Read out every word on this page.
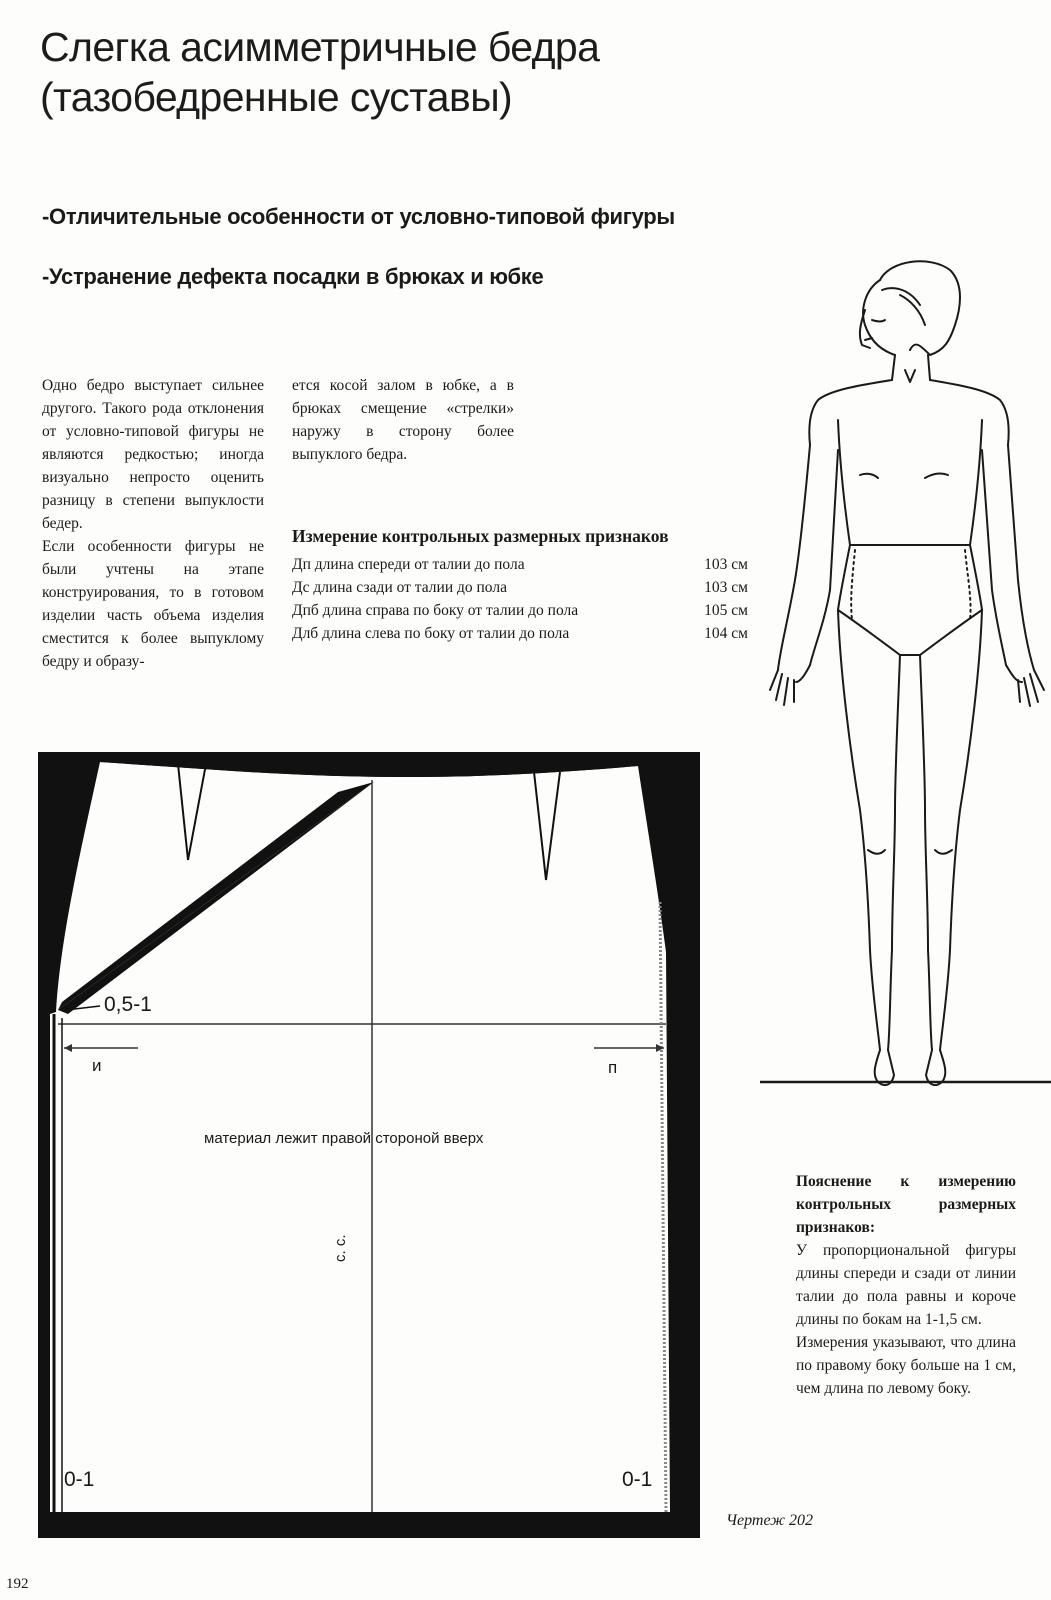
Слегка асимметричные бедра
(тазобедренные суставы)
-Отличительные особенности от условно-типовой фигуры
-Устранение дефекта посадки в брюках и юбке

Одно бедро выступает сильнее другого. Такого рода отклонения от условно-типовой фигуры не являются редкостью; иногда визуально непросто оценить разницу в степени выпуклости бедер.

Если особенности фигуры не были учтены на этапе конструирования, то в готовом изделии часть объема изделия сместится к более выпуклому бедру и образу-

ется косой залом в юбке, а в брюках смещение «стрелки» наружу в сторону более выпуклого бедра.
Измерение контрольных размерных признаков
Дп длина спереди от талии до пола	103 см
Дс длина сзади от талии до пола	103 см
Дпб длина справа по боку от талии до пола	105 см
Длб длина слева по боку от талии до пола	104 см
0,5-1
и	п
материал лежит правой стороной вверх
с. с.
0-1	0-1

Пояснение к измерению контрольных размерных признаков:

У пропорциональной фигуры длины спереди и сзади от линии талии до пола равны и короче длины по бокам на 1-1,5 см.

Измерения указывают, что длина по правому боку больше на 1 см, чем длина по левому боку.

Чертеж 202
192
